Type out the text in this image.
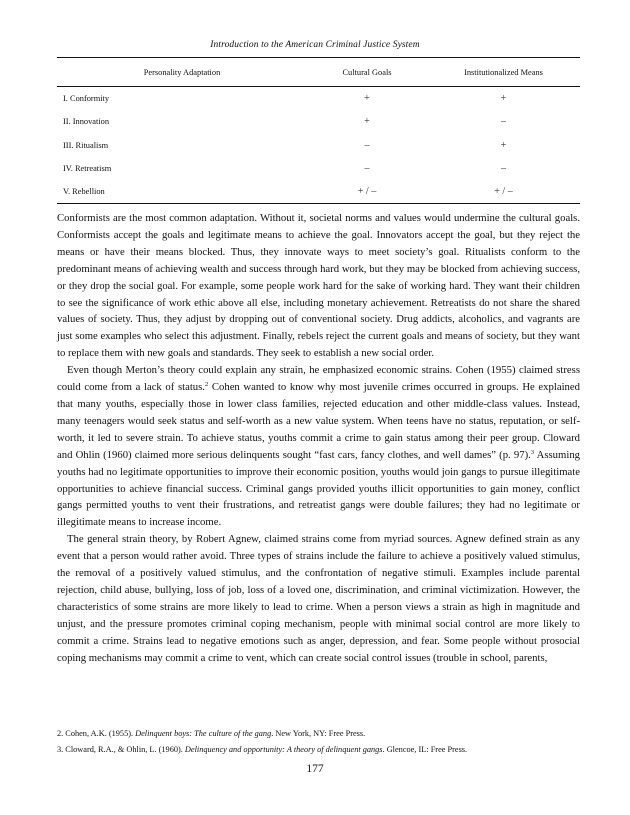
Introduction to the American Criminal Justice System
Personality Adaptation	Cultural Goals	Institutionalized Means
I. Conformity	+	+
II. Innovation	+	–
III. Ritualism	–	+
IV. Retreatism	–	–
V. Rebellion	+ / –	+ / –

Conformists are the most common adaptation. Without it, societal norms and values would undermine the cultural goals. Conformists accept the goals and legitimate means to achieve the goal. Innovators accept the goal, but they reject the means or have their means blocked. Thus, they innovate ways to meet society’s goal. Ritualists conform to the predominant means of achieving wealth and success through hard work, but they may be blocked from achieving success, or they drop the social goal. For example, some people work hard for the sake of working hard. They want their children to see the significance of work ethic above all else, including monetary achievement. Retreatists do not share the shared values of society. Thus, they adjust by dropping out of conventional society. Drug addicts, alcoholics, and vagrants are just some examples who select this adjustment. Finally, rebels reject the current goals and means of society, but they want to replace them with new goals and standards. They seek to establish a new social order.

Even though Merton’s theory could explain any strain, he emphasized economic strains. Cohen (1955) claimed stress could come from a lack of status.$^2$ Cohen wanted to know why most juvenile crimes occurred in groups. He explained that many youths, especially those in lower class families, rejected education and other middle-class values. Instead, many teenagers would seek status and self-worth as a new value system. When teens have no status, reputation, or self-worth, it led to severe strain. To achieve status, youths commit a crime to gain status among their peer group. Cloward and Ohlin (1960) claimed more serious delinquents sought “fast cars, fancy clothes, and well dames” (p. 97).$^3$ Assuming youths had no legitimate opportunities to improve their economic position, youths would join gangs to pursue illegitimate opportunities to achieve financial success. Criminal gangs provided youths illicit opportunities to gain money, conflict gangs permitted youths to vent their frustrations, and retreatist gangs were double failures; they had no legitimate or illegitimate means to increase income.

The general strain theory, by Robert Agnew, claimed strains come from myriad sources. Agnew defined strain as any event that a person would rather avoid. Three types of strains include the failure to achieve a positively valued stimulus, the removal of a positively valued stimulus, and the confrontation of negative stimuli. Examples include parental rejection, child abuse, bullying, loss of job, loss of a loved one, discrimination, and criminal victimization. However, the characteristics of some strains are more likely to lead to crime. When a person views a strain as high in magnitude and unjust, and the pressure promotes criminal coping mechanism, people with minimal social control are more likely to commit a crime. Strains lead to negative emotions such as anger, depression, and fear. Some people without prosocial coping mechanisms may commit a crime to vent, which can create social control issues (trouble in school, parents,

2. Cohen, A.K. (1955). Delinquent boys: The culture of the gang. New York, NY: Free Press.
3. Cloward, R.A., & Ohlin, L. (1960). Delinquency and opportunity: A theory of delinquent gangs. Glencoe, IL: Free Press.
177
